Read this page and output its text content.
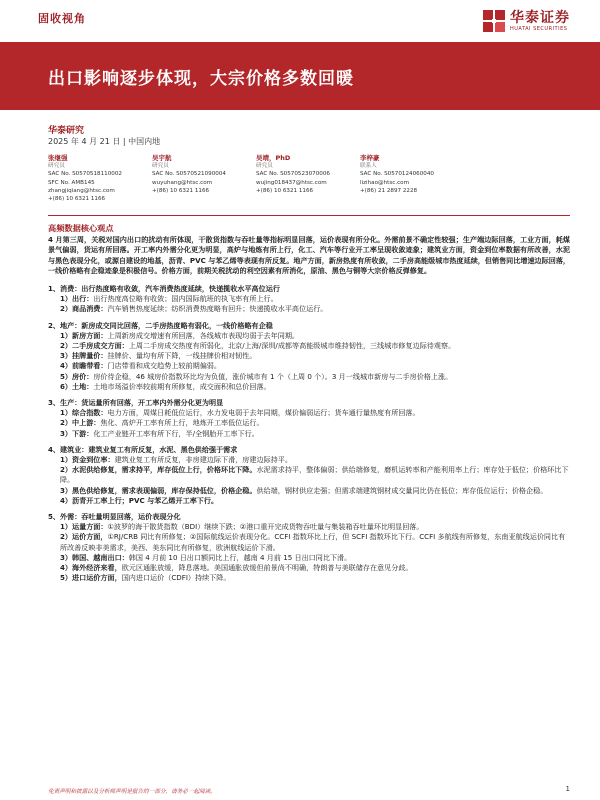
固收视角	华泰证券
HUATAI SECURITIES
出口影响逐步体现，大宗价格多数回暖
华泰研究
2025 年 4 月 21 日 | 中国内地
张继强
研究员
SAC No. S0570518110002
SFC No. AMB145
zhangjiqiang@htsc.com
+(86) 10 6321 1166
吴宇航
研究员
SAC No. S0570521090004
wuyuhang@htsc.com
+(86) 10 6321 1166

吴靖，PhD
研究员
SAC No. S0570523070006
wujing018437@htsc.com
+(86) 10 6321 1166

李梓豪
联系人
SAC No. S0570124060040
lizihao@htsc.com
+(86) 21 2897 2228

高频数据核心观点
4 月第三周，关税对国内出口的扰动有所体现，干散货指数与吞吐量等指标明显回落，运价表现有所分化。外需前景不确定性较强；生产端边际回落，工业方面，耗煤景气偏弱，货运有所回落。开工率内外需分化更为明显，高炉与地炼有所上行，化工、汽车等行业开工率呈现收敛迹象；建筑业方面，资金到位率数据有所改善，水泥与黑色表现分化，或源自建设的地基，沥青、PVC 与苯乙烯等表现有所反复。地产方面，新房热度有所收敛，二手房高能级城市热度延续，但销售同比增速边际回落，一线价格略有企稳迹象是积极信号。价格方面，前期关税扰动的利空因素有所消化，原油、黑色与铜等大宗价格反弹修复。
1、消费：出行热度略有收敛，汽车消费热度延续，快递揽收水平高位运行
1）出行：出行热度高位略有收敛；国内国际航班的执飞率有所上行。
2）商品消费：汽车销售热度延续；纺织消费热度略有回升；快递揽收水平高位运行。
2、地产：新房成交同比回落，二手房热度略有弱化，一线价格略有企稳
1）新房方面：上周新房成交增速有所回落，各线城市表现均弱于去年同期。
2）二手房成交方面：上周二手房成交热度有所弱化，北京/上海/深圳/成都等高能级城市维持韧性，三线城市修复边际待观察。
3）挂牌量价：挂牌价、量均有所下降，一线挂牌价相对韧性。
4）前瞻带看：门店带看和成交趋势上较前期偏弱。
5）房价：房价待企稳，46 城房价指数环比均为负值，涨价城市有 1 个（上周 0 个）。3 月一线城市新房与二手房价格上涨。
6）土地：土地市场溢价率较前期有所修复，成交面积和总价回落。
3、生产：货运量所有回落，开工率内外需分化更为明显
1）综合指数：电力方面，周煤日耗低位运行，水力发电弱于去年同期，煤价偏弱运行；货车通行量热度有所回落。
2）中上游：焦化、高炉开工率有所上行，地炼开工率低位运行。
3）下游：化工产业链开工率有所下行，半/全钢胎开工率下行。
4、建筑业：建筑业复工有所反复，水泥、黑色供给强于需求
1）资金到位率：建筑业复工有所反复，非房建边际下滑，房建边际持平。
2）水泥供给修复，需求持平，库存低位上行，价格环比下降。水泥需求持平，整体偏弱；供给端修复，磨机运转率和产能利用率上行；库存处于低位；价格环比下降。
3）黑色供给修复，需求表现偏弱，库存保持低位，价格企稳。供给端，钢材供应走强；但需求端建筑钢材成交量同比仍在低位；库存低位运行；价格企稳。
4）沥青开工率上行；PVC 与苯乙烯开工率下行。
5、外需：吞吐量明显回落，运价表现分化
1）运量方面：①波罗的海干散货指数（BDI）继续下跌；②港口重开完成货物吞吐量与集装箱吞吐量环比明显回落。
2）运价方面，①RJ/CRB 同比有所修复；②国际航线运价表现分化。CCFI 指数环比上行，但 SCFI 指数环比下行。CCFI 多航线有所修复，东南亚航线运价同比有所改善反映非美需求，美西、美东同比有所修复，欧洲航线运价下滑。
3）韩国、越南出口：韩国 4 月前 10 日出口额同比上行，越南 4 月前 15 日出口同比下滑。
4）海外经济来看，欧元区通胀放缓，降息落地。美国通胀放缓但前景尚不明确，特朗普与美联储存在意见分歧。
5）进口运价方面，国内进口运价（CDFI）持续下降。
免责声明和披露以及分析师声明是报告的一部分，请务必一起阅读。	1
